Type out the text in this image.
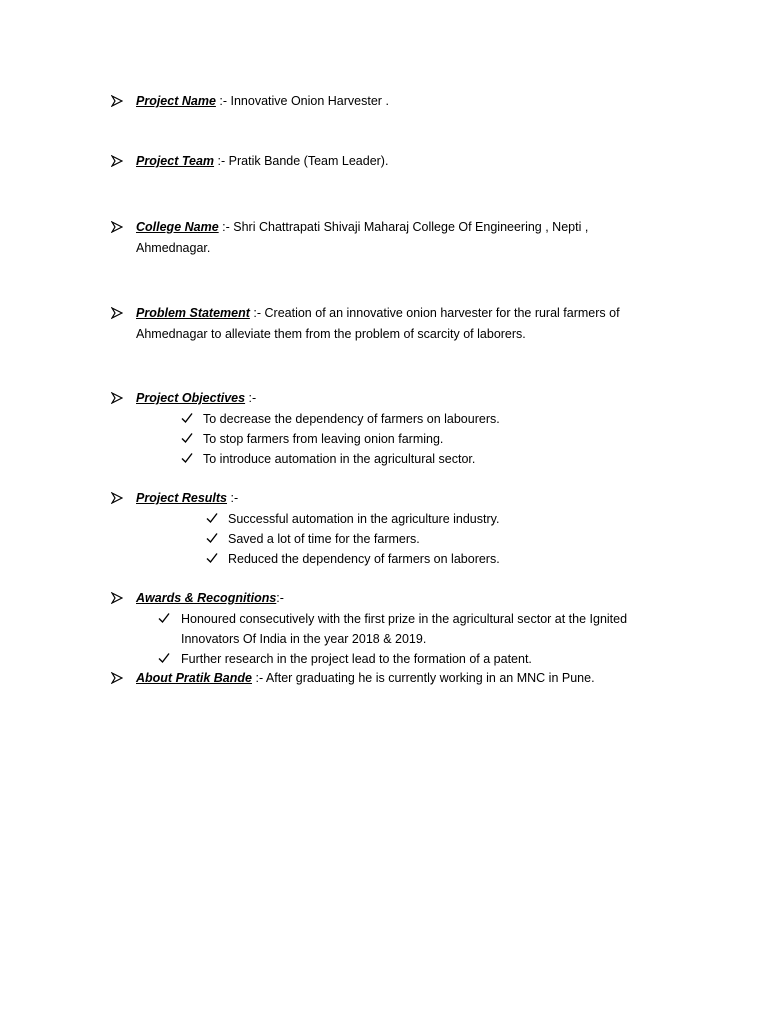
Project Name :- Innovative Onion Harvester .
Project Team :- Pratik Bande (Team Leader).
College Name :- Shri Chattrapati Shivaji Maharaj College Of Engineering , Nepti ,
Ahmednagar.
Problem Statement :- Creation of an innovative onion harvester for the rural farmers of
Ahmednagar to alleviate them from the problem of scarcity of laborers.
Project Objectives :-
To decrease the dependency of farmers on labourers.
To stop farmers from leaving onion farming.
To introduce automation in the agricultural sector.
Project Results :-
Successful automation in the agriculture industry.
Saved a lot of time for the farmers.
Reduced the dependency of farmers on laborers.
Awards & Recognitions:-
Honoured consecutively with the first prize in the agricultural sector at the Ignited
Innovators Of India in the year 2018 & 2019.
Further research in the project lead to the formation of a patent.
About Pratik Bande :- After graduating he is currently working in an MNC in Pune.
